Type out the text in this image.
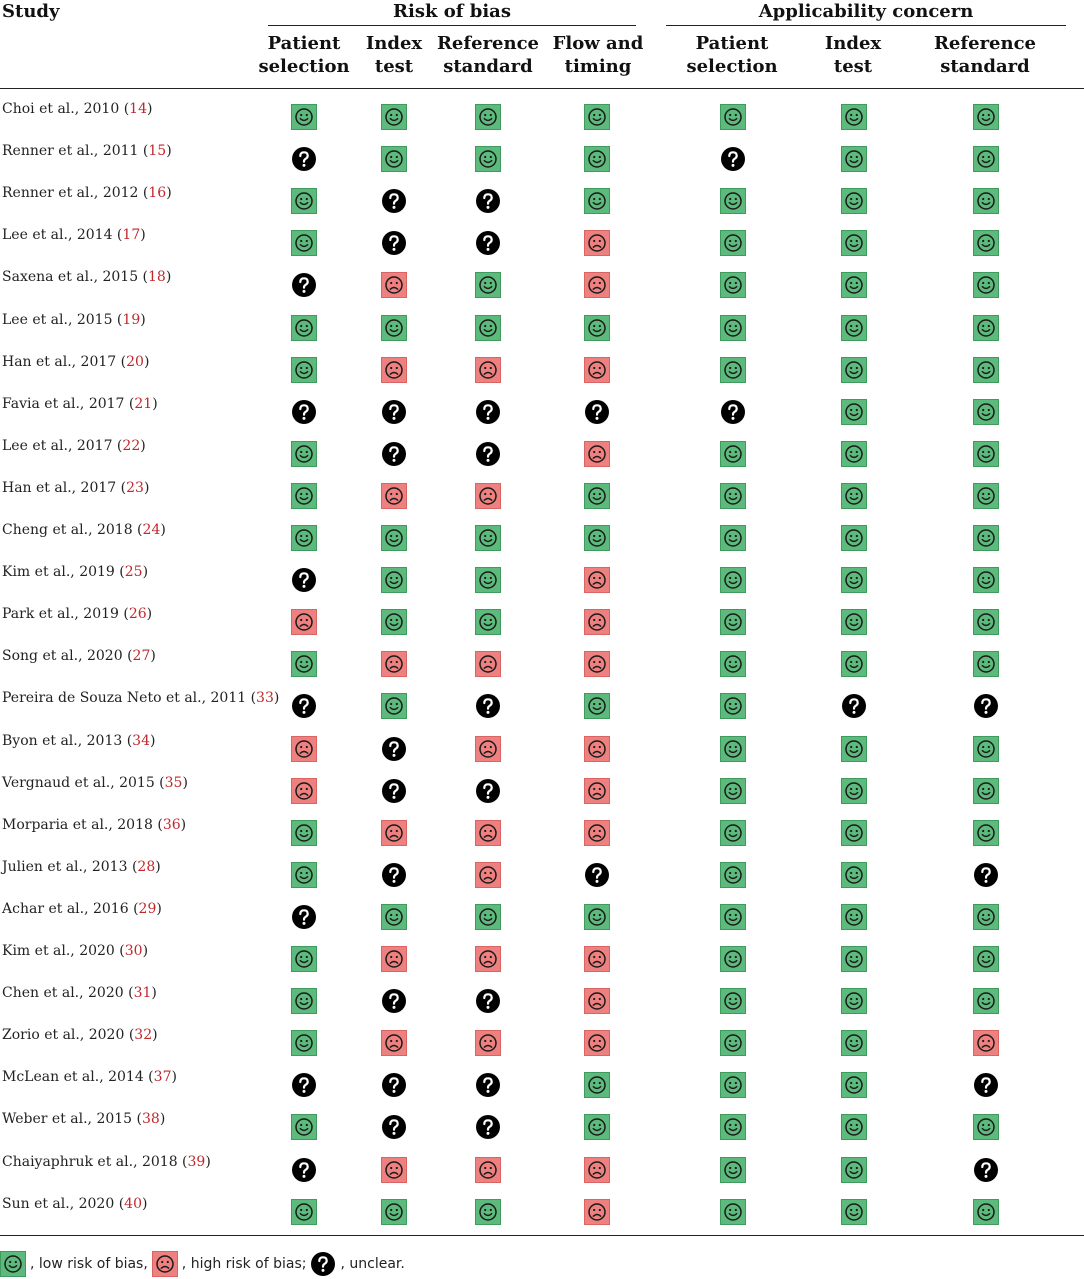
Study	Risk of bias	Applicability concern
Patient
selection
Index
test
Reference
standard
Flow and
timing
Patient
selection
Index
test
Reference
standard
Choi et al., 2010 (14)
Renner et al., 2011 (15)
Renner et al., 2012 (16)
Lee et al., 2014 (17)
Saxena et al., 2015 (18)
Lee et al., 2015 (19)
Han et al., 2017 (20)
Favia et al., 2017 (21)
Lee et al., 2017 (22)
Han et al., 2017 (23)
Cheng et al., 2018 (24)
Kim et al., 2019 (25)
Park et al., 2019 (26)
Song et al., 2020 (27)
Pereira de Souza Neto et al., 2011 (33)
Byon et al., 2013 (34)
Vergnaud et al., 2015 (35)
Morparia et al., 2018 (36)
Julien et al., 2013 (28)
Achar et al., 2016 (29)
Kim et al., 2020 (30)
Chen et al., 2020 (31)
Zorio et al., 2020 (32)
McLean et al., 2014 (37)
Weber et al., 2015 (38)
Chaiyaphruk et al., 2018 (39)
Sun et al., 2020 (40)
, low risk of bias, , high risk of bias; , unclear.
